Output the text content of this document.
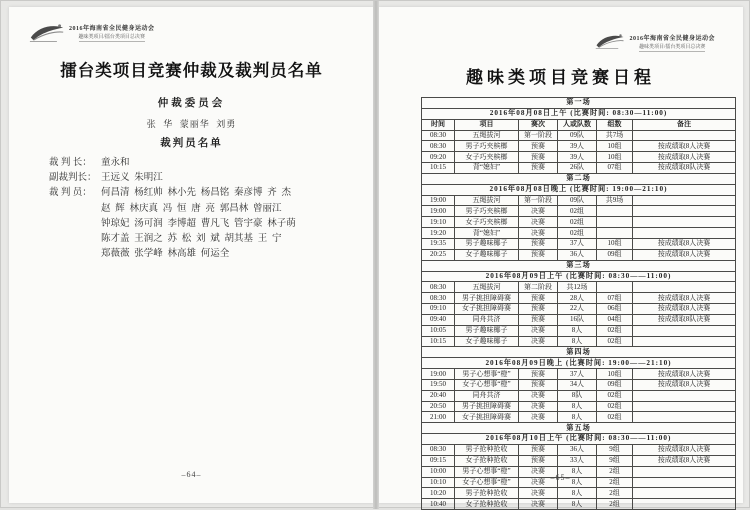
2016年海南省全民健身运动会
趣味类项目/擂台类项目总决赛
擂台类项目竞赛仲裁及裁判员名单
仲裁委员会
张  华  蒙丽华  刘勇
裁判员名单
裁 判 长： 童永和
副裁判长： 王远义  朱明江
裁 判 员： 何昌清  杨红帅  林小先  杨昌铭  秦彦博  齐  杰
赵  辉  林庆真  冯  恒  唐  亮  郭昌林  曾丽江
钟琼妃  汤可润  李博超  曹凡飞  管宇豪  林子萌
陈才盖  王润之  苏  松  刘  斌  胡其基  王  宁
郑薇薇  张学峰  林高雄  何运全
–64–
2016年海南省全民健身运动会
趣味类项目/擂台类项目总决赛
趣味类项目竞赛日程
第一场					
2016年08月08日上午 (比赛时间: 08:30—11:00)					
时间	项目	赛次	人或队数	组数	备注
08:30	五绳拔河	第一阶段	09队	共7场	
08:30	男子巧夹槟榔	预赛	39人	10组	按成绩取8人决赛
09:20	女子巧夹槟榔	预赛	39人	10组	按成绩取8人决赛
10:15	背“媳妇”	预赛	26队	07组	按成绩取8队决赛
第二场					
2016年08月08日晚上 (比赛时间: 19:00—21:10)					
19:00	五绳拔河	第一阶段	09队	共9场	
19:00	男子巧夹槟榔	决赛	02组		
19:10	女子巧夹槟榔	决赛	02组		
19:20	背“媳妇”	决赛	02组		
19:35	男子趣味椰子	预赛	37人	10组	按成绩取8人决赛
20:25	女子趣味椰子	预赛	36人	09组	按成绩取8人决赛
第三场					
2016年08月09日上午 (比赛时间: 08:30——11:00)					
08:30	五绳拔河	第二阶段	共12场		
08:30	男子挑担障碍赛	预赛	28人	07组	按成绩取8人决赛
09:10	女子挑担障碍赛	预赛	22人	06组	按成绩取8人决赛
09:40	同舟共济	预赛	16队	04组	按成绩取8队决赛
10:05	男子趣味椰子	决赛	8人	02组	
10:15	女子趣味椰子	决赛	8人	02组	
第四场					
2016年08月09日晚上 (比赛时间: 19:00——21:10)					
19:00	男子心想事“橙”	预赛	37人	10组	按成绩取8人决赛
19:50	女子心想事“橙”	预赛	34人	09组	按成绩取8人决赛
20:40	同舟共济	决赛	8队	02组	
20:50	男子挑担障碍赛	决赛	8人	02组	
21:00	女子挑担障碍赛	决赛	8人	02组	
第五场					
2016年08月10日上午 (比赛时间: 08:30——11:00)					
08:30	男子抢种抢收	预赛	36人	9组	按成绩取8人决赛
09:15	女子抢种抢收	预赛	33人	9组	按成绩取8人决赛
10:00	男子心想事“橙”	决赛	8人	2组	
10:10	女子心想事“橙”	决赛	8人	2组	
10:20	男子抢种抢收	决赛	8人	2组	
10:40	女子抢种抢收	决赛	8人	2组	
–65–
